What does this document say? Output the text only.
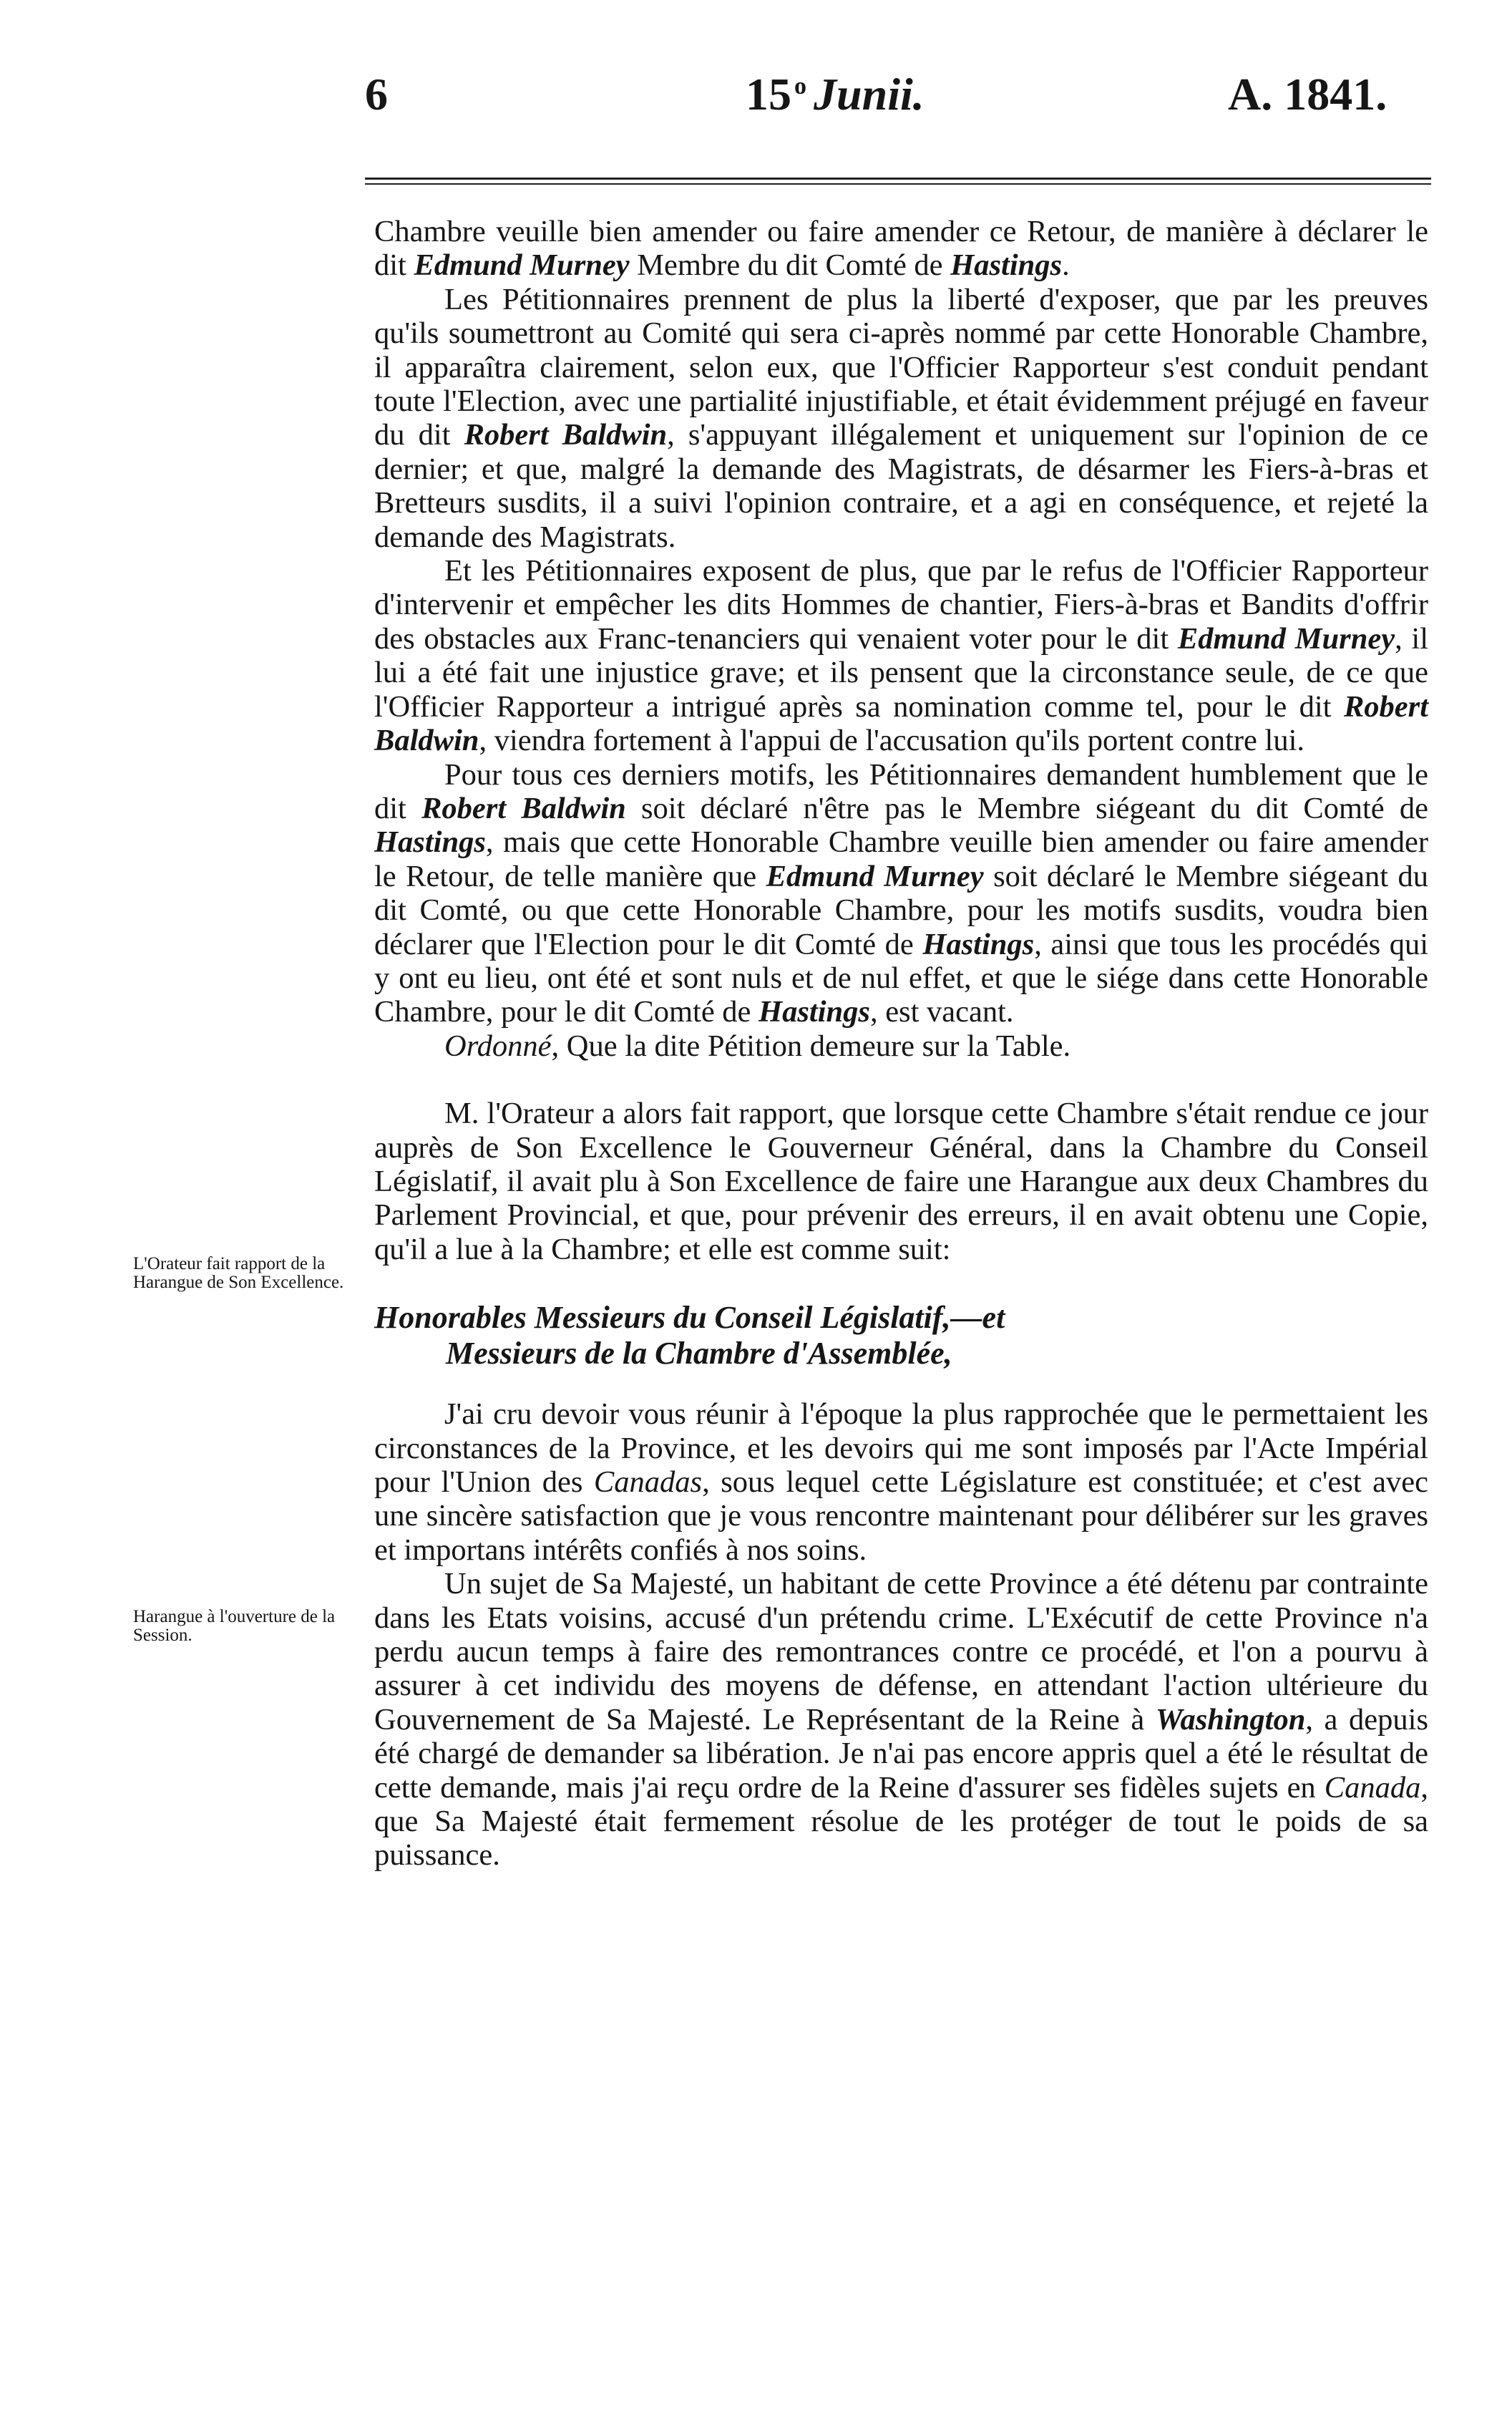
6	15 $^o$ Junii.	A. 1841.
L'Orateur fait rapport de la Harangue de Son Excellence.
Harangue à l'ouverture de la Session.

Chambre veuille bien amender ou faire amender ce Retour, de manière à déclarer le dit Edmund Murney Membre du dit Comté de Hastings.

Les Pétitionnaires prennent de plus la liberté d'exposer, que par les preuves qu'ils soumettront au Comité qui sera ci-après nommé par cette Honorable Chambre, il apparaîtra clairement, selon eux, que l'Officier Rapporteur s'est conduit pendant toute l'Election, avec une partialité injustifiable, et était évidemment préjugé en faveur du dit Robert Baldwin, s'appuyant illégalement et uniquement sur l'opinion de ce dernier; et que, malgré la demande des Magistrats, de désarmer les Fiers-à-bras et Bretteurs susdits, il a suivi l'opinion contraire, et a agi en conséquence, et rejeté la demande des Magistrats.

Et les Pétitionnaires exposent de plus, que par le refus de l'Officier Rapporteur d'intervenir et empêcher les dits Hommes de chantier, Fiers-à-bras et Bandits d'offrir des obstacles aux Franc-tenanciers qui venaient voter pour le dit Edmund Murney, il lui a été fait une injustice grave; et ils pensent que la circonstance seule, de ce que l'Officier Rapporteur a intrigué après sa nomination comme tel, pour le dit Robert Baldwin, viendra fortement à l'appui de l'accusation qu'ils portent contre lui.

Pour tous ces derniers motifs, les Pétitionnaires demandent humblement que le dit Robert Baldwin soit déclaré n'être pas le Membre siégeant du dit Comté de Hastings, mais que cette Honorable Chambre veuille bien amender ou faire amender le Retour, de telle manière que Edmund Murney soit déclaré le Membre siégeant du dit Comté, ou que cette Honorable Chambre, pour les motifs susdits, voudra bien déclarer que l'Election pour le dit Comté de Hastings, ainsi que tous les procédés qui y ont eu lieu, ont été et sont nuls et de nul effet, et que le siége dans cette Honorable Chambre, pour le dit Comté de Hastings, est vacant.

Ordonné, Que la dite Pétition demeure sur la Table.

M. l'Orateur a alors fait rapport, que lorsque cette Chambre s'était rendue ce jour auprès de Son Excellence le Gouverneur Général, dans la Chambre du Conseil Législatif, il avait plu à Son Excellence de faire une Harangue aux deux Chambres du Parlement Provincial, et que, pour prévenir des erreurs, il en avait obtenu une Copie, qu'il a lue à la Chambre; et elle est comme suit:

Honorables Messieurs du Conseil Législatif,—et
Messieurs de la Chambre d'Assemblée,

J'ai cru devoir vous réunir à l'époque la plus rapprochée que le permettaient les circonstances de la Province, et les devoirs qui me sont imposés par l'Acte Impérial pour l'Union des Canadas, sous lequel cette Législature est constituée; et c'est avec une sincère satisfaction que je vous rencontre maintenant pour délibérer sur les graves et importans intérêts confiés à nos soins.

Un sujet de Sa Majesté, un habitant de cette Province a été détenu par contrainte dans les Etats voisins, accusé d'un prétendu crime. L'Exécutif de cette Province n'a perdu aucun temps à faire des remontrances contre ce procédé, et l'on a pourvu à assurer à cet individu des moyens de défense, en attendant l'action ultérieure du Gouvernement de Sa Majesté. Le Représentant de la Reine à Washington, a depuis été chargé de demander sa libération. Je n'ai pas encore appris quel a été le résultat de cette demande, mais j'ai reçu ordre de la Reine d'assurer ses fidèles sujets en Canada, que Sa Majesté était fermement résolue de les protéger de tout le poids de sa puissance.
